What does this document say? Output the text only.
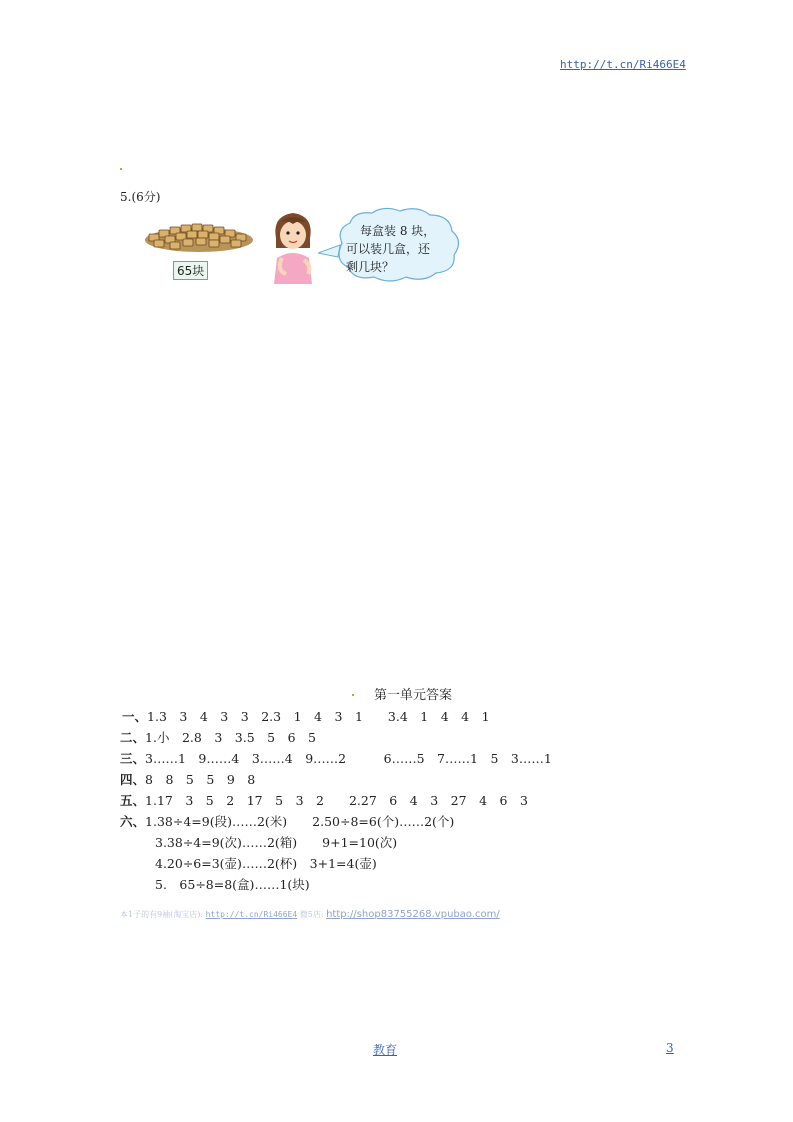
http://t.cn/Ri466E4
5.(6分)
65块
每盒装 8 块，
可以装几盒，还
剩几块？
第一单元答案
一、1.3　3　4　3　3　2.3　1　4　3　1　　3.4　1　4　4　1
二、1.小　2.8　3　3.5　5　6　5
三、3……1　9……4　3……4　9……2　　　6……5　7……1　5　3……1
四、8　8　5　5　9　8
五、1.17　3　5　2　17　5　3　2　　2.27　6　4　3　27　4　6　3
六、1.38÷4=9(段)……2(米)　　2.50÷8=6(个)……2(个)
3.38÷4=9(次)……2(箱)　　9+1=10(次)
4.20÷6=3(壶)……2(杯)　3+1=4(壶)
5.　65÷8=8(盒)……1(块)
本1子的有9袖(淘宝店): http://t.cn/Ri466E4 微5店: http://shop83755268.vpubao.com/
教育	3
